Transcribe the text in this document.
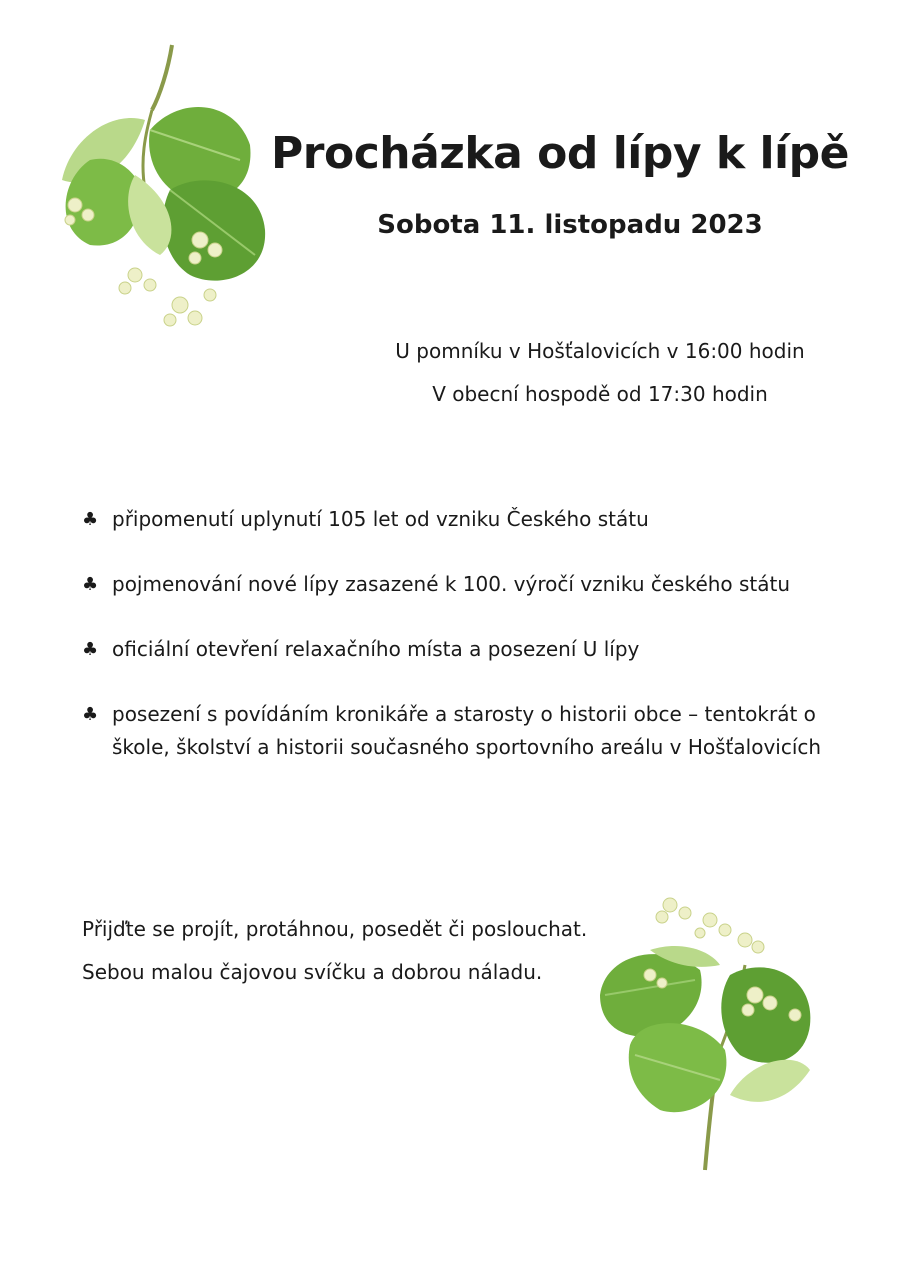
Procházka od lípy k lípě
Sobota 11. listopadu 2023
U pomníku v Hošťalovicích v 16:00 hodin
V obecní hospodě od 17:30 hodin
♣ připomenutí uplynutí 105 let od vzniku Českého státu
♣ pojmenování nové lípy zasazené k 100. výročí vzniku českého státu
♣ oficiální otevření relaxačního místa a posezení U lípy
♣ posezení s povídáním kronikáře a starosty o historii obce – tentokrát o škole, školství a historii současného sportovního areálu v Hošťalovicích
Přijďte se projít, protáhnou, posedět či poslouchat.
Sebou malou čajovou svíčku a dobrou náladu.
